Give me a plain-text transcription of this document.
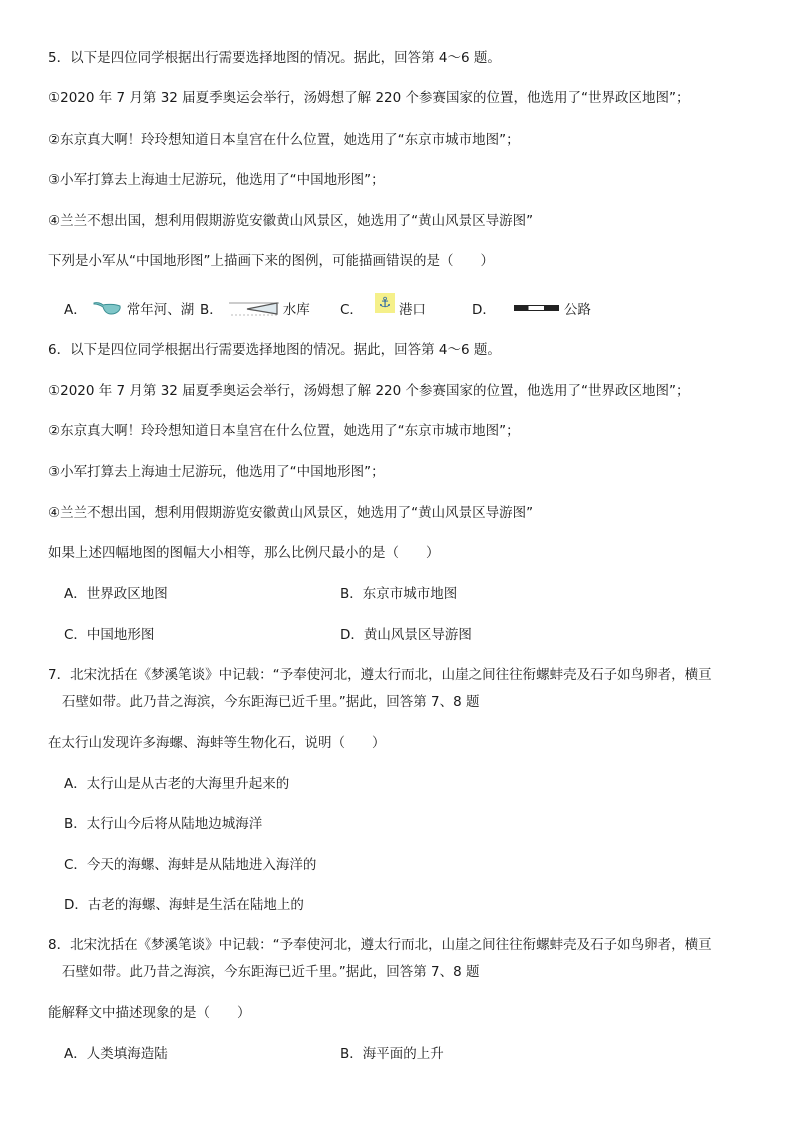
5．以下是四位同学根据出行需要选择地图的情况。据此，回答第 4～6 题。
①2020 年 7 月第 32 届夏季奥运会举行，汤姆想了解 220 个参赛国家的位置，他选用了“世界政区地图”；
②东京真大啊！玲玲想知道日本皇宫在什么位置，她选用了“东京市城市地图”；
③小军打算去上海迪士尼游玩，他选用了“中国地形图”；
④兰兰不想出国，想利用假期游览安徽黄山风景区，她选用了“黄山风景区导游图”
下列是小军从“中国地形图”上描画下来的图例，可能描画错误的是（　　）
A．	常年河、湖 B．	水库 C． ⚓ 港口	D．	公路
6．以下是四位同学根据出行需要选择地图的情况。据此，回答第 4～6 题。
①2020 年 7 月第 32 届夏季奥运会举行，汤姆想了解 220 个参赛国家的位置，他选用了“世界政区地图”；
②东京真大啊！玲玲想知道日本皇宫在什么位置，她选用了“东京市城市地图”；
③小军打算去上海迪士尼游玩，他选用了“中国地形图”；
④兰兰不想出国，想利用假期游览安徽黄山风景区，她选用了“黄山风景区导游图”
如果上述四幅地图的图幅大小相等，那么比例尺最小的是（　　）
A．世界政区地图	B．东京市城市地图
C．中国地形图	D．黄山风景区导游图
7．北宋沈括在《梦溪笔谈》中记载：“予奉使河北，遵太行而北，山崖之间往往衔螺蚌壳及石子如鸟卵者，横亘
石壁如带。此乃昔之海滨，今东距海已近千里。”据此，回答第 7、8 题
在太行山发现许多海螺、海蚌等生物化石，说明（　　）
A．太行山是从古老的大海里升起来的
B．太行山今后将从陆地边城海洋
C．今天的海螺、海蚌是从陆地进入海洋的
D．古老的海螺、海蚌是生活在陆地上的
8．北宋沈括在《梦溪笔谈》中记载：“予奉使河北，遵太行而北，山崖之间往往衔螺蚌壳及石子如鸟卵者，横亘
石壁如带。此乃昔之海滨，今东距海已近千里。”据此，回答第 7、8 题
能解释文中描述现象的是（　　）
A．人类填海造陆	B．海平面的上升
